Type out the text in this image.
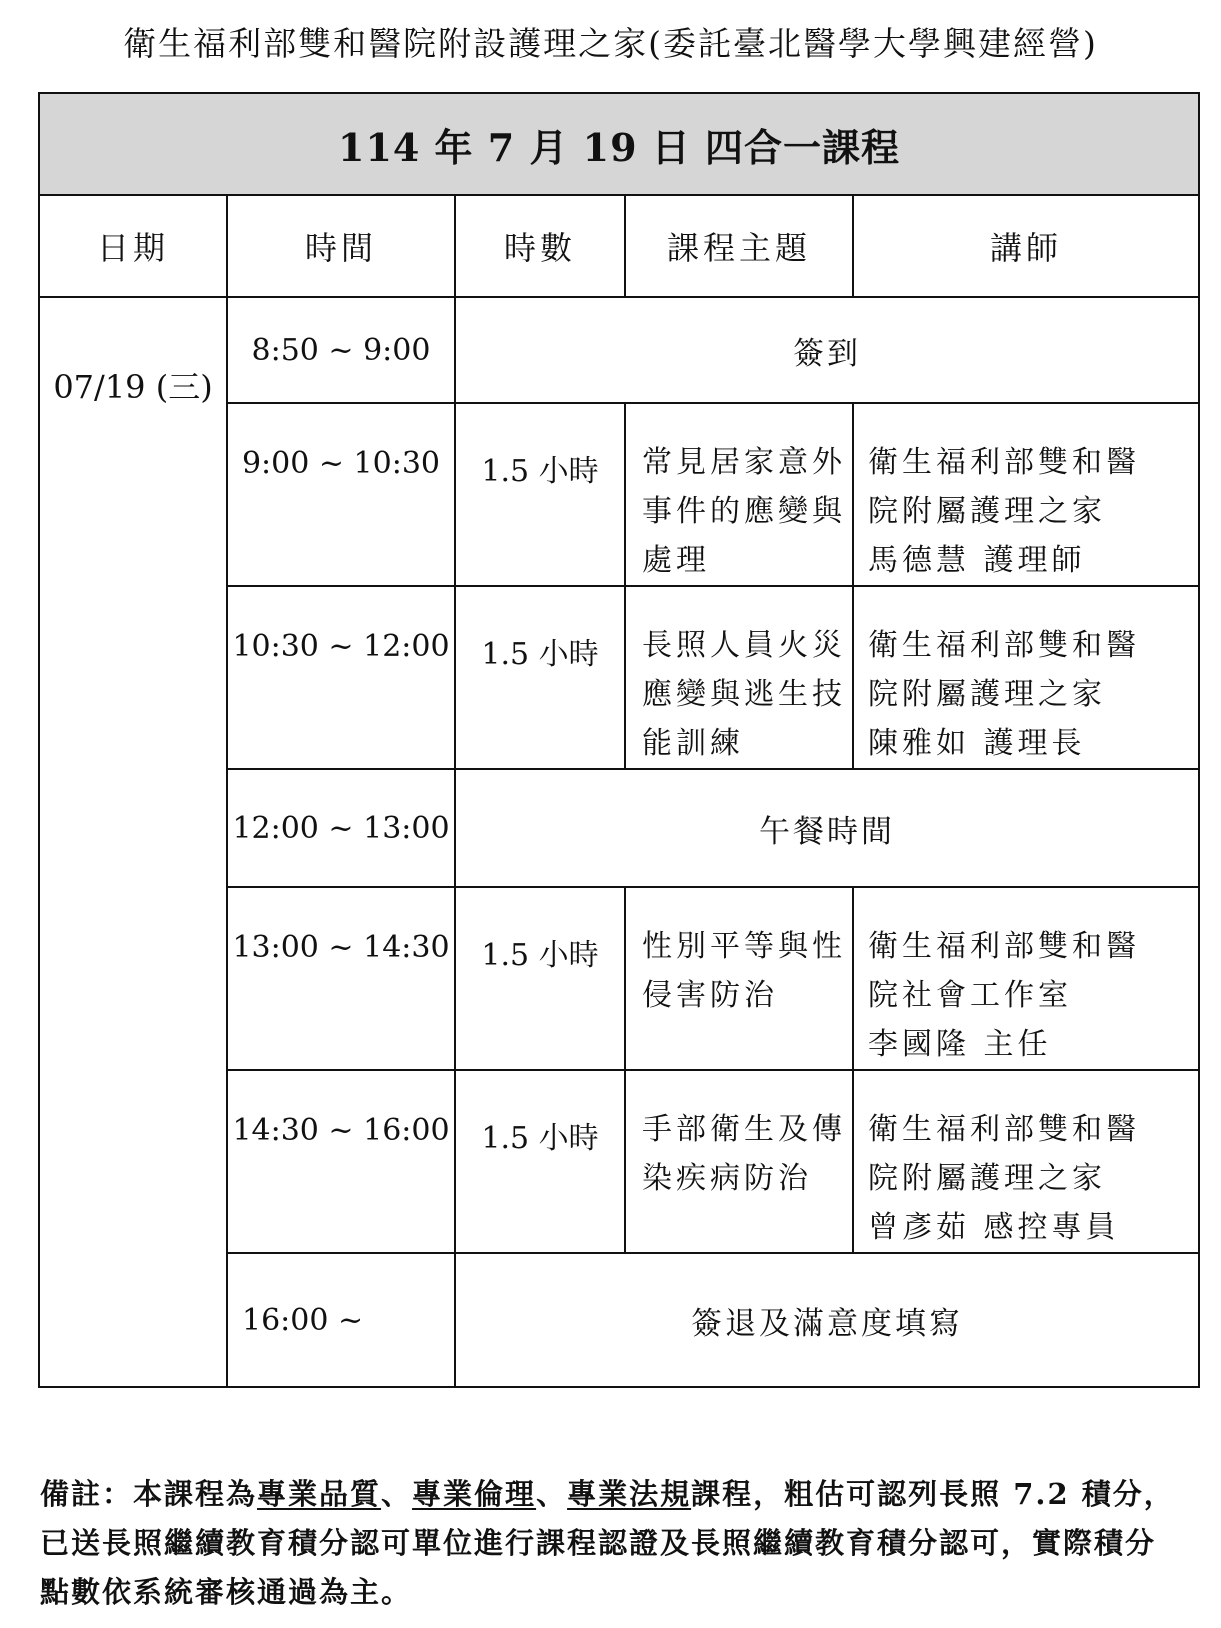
衛生福利部雙和醫院附設護理之家(委託臺北醫學大學興建經營)
114 年 7 月 19 日 四合一課程				
日期	時間	時數	課程主題	講師
07/19 (三)	8:50 ~ 9:00	簽到		
	9:00 ~ 10:30	1.5 小時	常見居家意外
事件的應變與
處理	衛生福利部雙和醫
院附屬護理之家
馬德慧 護理師

	10:30 ~ 12:00	1.5 小時	長照人員火災
應變與逃生技
能訓練	衛生福利部雙和醫
院附屬護理之家
陳雅如 護理長

	12:00 ~ 13:00	午餐時間		
	13:00 ~ 14:30	1.5 小時	性別平等與性
侵害防治	衛生福利部雙和醫
院社會工作室
李國隆 主任

	14:30 ~ 16:00	1.5 小時	手部衛生及傳
染疾病防治	衛生福利部雙和醫
院附屬護理之家
曾彥茹 感控專員

	16:00 ~	簽退及滿意度填寫		
備註：本課程為專業品質、專業倫理、專業法規課程，粗估可認列長照 7.2 積分，已送長照繼續教育積分認可單位進行課程認證及長照繼續教育積分認可，實際積分點數依系統審核通過為主。
